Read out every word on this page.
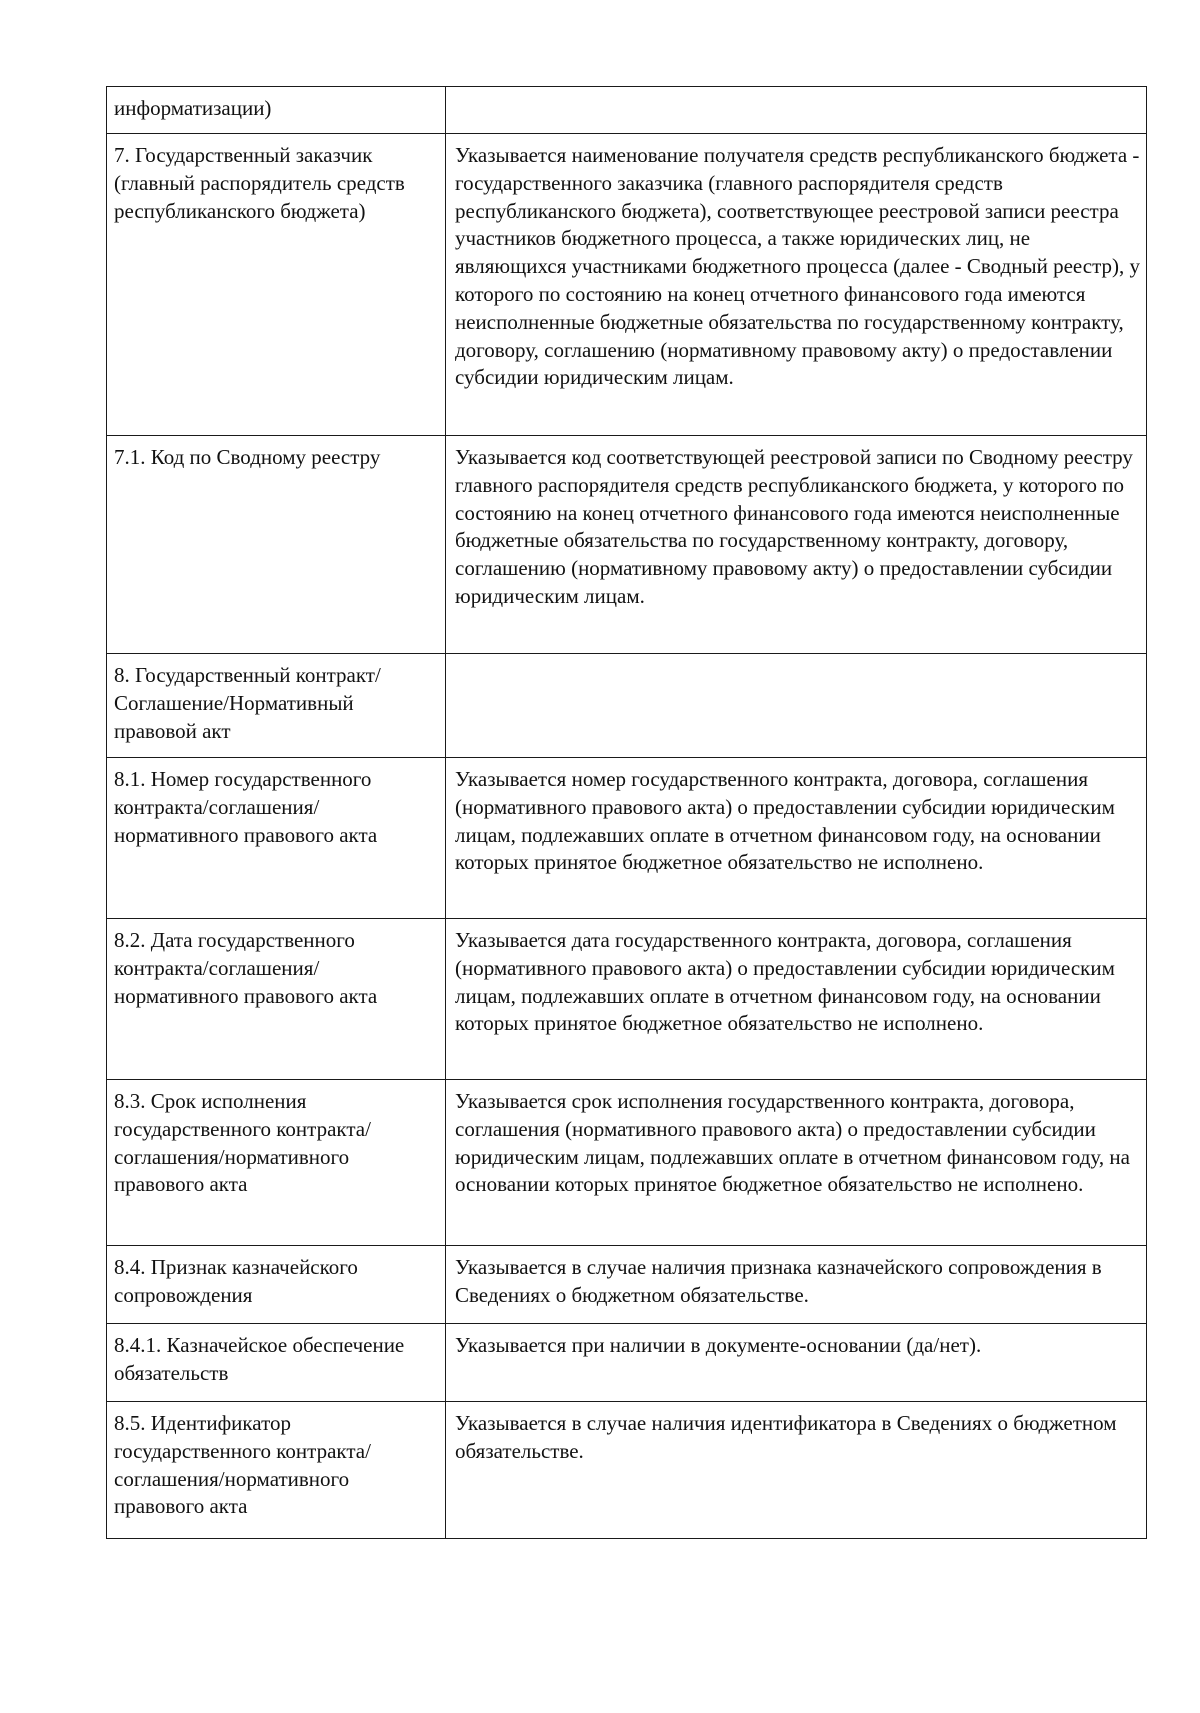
информатизации)	
7. Государственный заказчик (главный распорядитель средств республиканского бюджета)	Указывается наименование получателя средств республиканского бюджета - государственного заказчика (главного распорядителя средств республиканского бюджета), соответствующее реестровой записи реестра участников бюджетного процесса, а также юридических лиц, не являющихся участниками бюджетного процесса (далее - Сводный реестр), у которого по состоянию на конец отчетного финансового года имеются неисполненные бюджетные обязательства по государственному контракту, договору, соглашению (нормативному правовому акту) о предоставлении субсидии юридическим лицам.
7.1. Код по Сводному реестру	Указывается код соответствующей реестровой записи по Сводному реестру главного распорядителя средств республиканского бюджета, у которого по состоянию на конец отчетного финансового года имеются неисполненные бюджетные обязательства по государственному контракту, договору, соглашению (нормативному правовому акту) о предоставлении субсидии юридическим лицам.
8. Государственный контракт/Соглашение/Нормативный правовой акт	
8.1. Номер государственного контракта/соглашения/нормативного правового акта	Указывается номер государственного контракта, договора, соглашения (нормативного правового акта) о предоставлении субсидии юридическим лицам, подлежавших оплате в отчетном финансовом году, на основании которых принятое бюджетное обязательство не исполнено.
8.2. Дата государственного контракта/соглашения/нормативного правового акта	Указывается дата государственного контракта, договора, соглашения (нормативного правового акта) о предоставлении субсидии юридическим лицам, подлежавших оплате в отчетном финансовом году, на основании которых принятое бюджетное обязательство не исполнено.
8.3. Срок исполнения государственного контракта/соглашения/нормативного правового акта	Указывается срок исполнения государственного контракта, договора, соглашения (нормативного правового акта) о предоставлении субсидии юридическим лицам, подлежавших оплате в отчетном финансовом году, на основании которых принятое бюджетное обязательство не исполнено.
8.4. Признак казначейского сопровождения	Указывается в случае наличия признака казначейского сопровождения в Сведениях о бюджетном обязательстве.
8.4.1. Казначейское обеспечение обязательств	Указывается при наличии в документе-основании (да/нет).
8.5. Идентификатор государственного контракта/соглашения/нормативного правового акта	Указывается в случае наличия идентификатора в Сведениях о бюджетном обязательстве.
